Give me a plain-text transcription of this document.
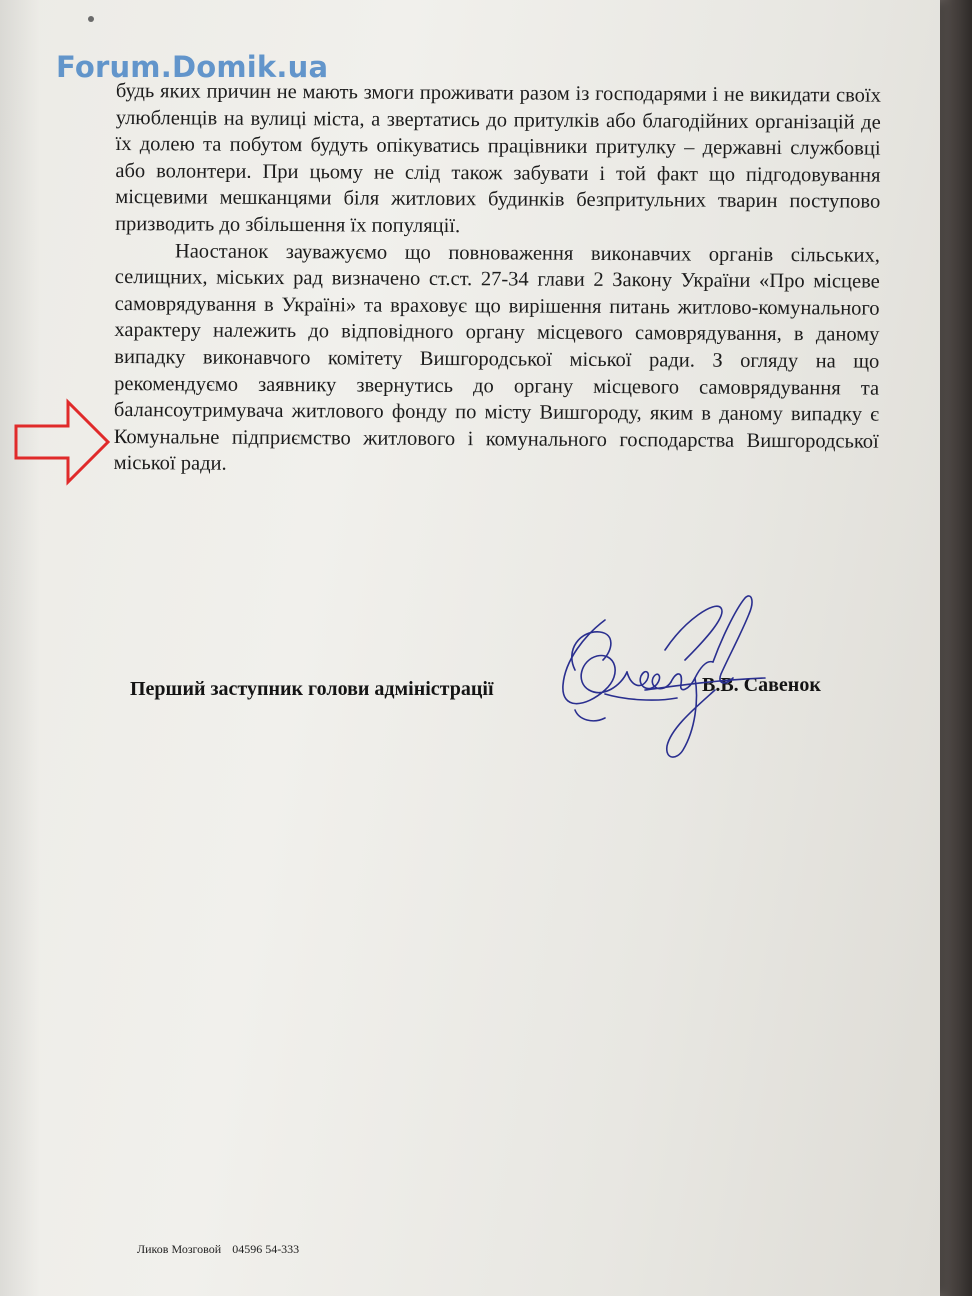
Forum.Domik.ua

будь яких причин не мають змоги проживати разом із господарями і не викидати своїх улюбленців на вулиці міста, а звертатись до притулків або благодійних організацій де їх долею та побутом будуть опікуватись працівники притулку – державні службовці або волонтери. При цьому не слід також забувати і той факт що підгодовування місцевими мешканцями біля житлових будинків безпритульних тварин поступово призводить до збільшення їх популяції.

Наостанок зауважуємо що повноваження виконавчих органів сільських, селищних, міських рад визначено ст.ст. 27-34 глави 2 Закону України «Про місцеве самоврядування в Україні» та враховує що вирішення питань житлово-комунального характеру належить до відповідного органу місцевого самоврядування, в даному випадку виконавчого комітету Вишгородської міської ради. З огляду на що рекомендуємо заявнику звернутись до органу місцевого самоврядування та балансоутримувача житлового фонду по місту Вишгороду, яким в даному випадку є Комунальне підприємство житлового і комунального господарства Вишгородської міської ради.

Перший заступник голови адміністрації	В.В. Савенок
Ликов Мозговой 04596 54-333
